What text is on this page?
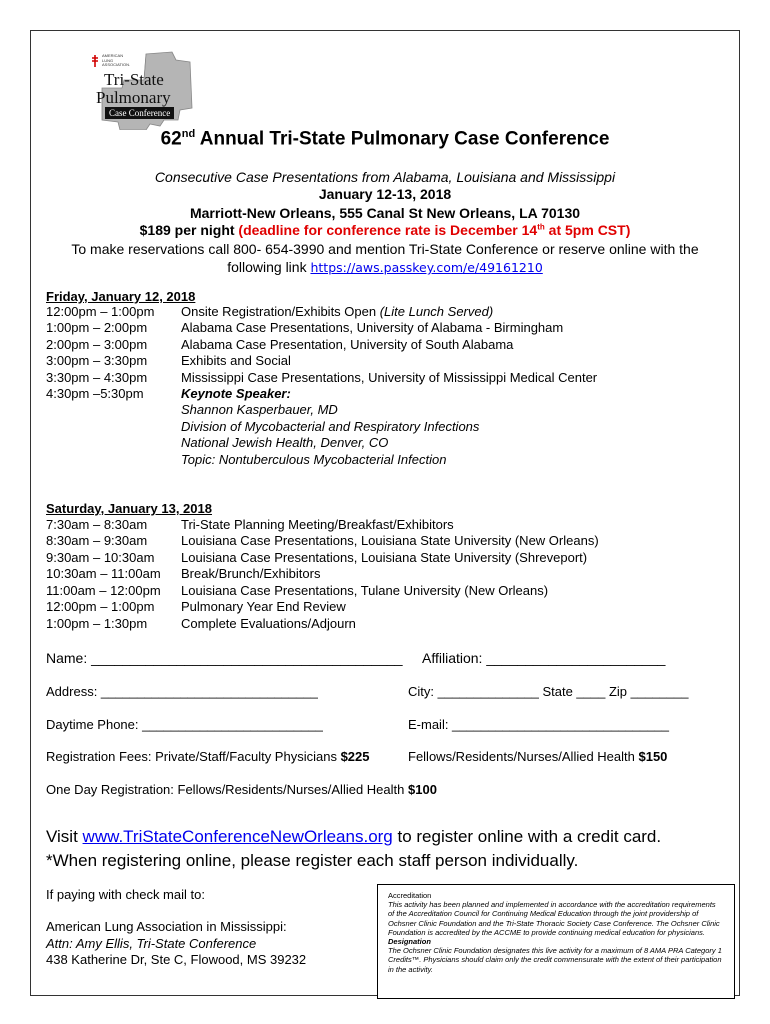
AMERICAN
LUNG
ASSOCIATION.
Tri-State
Pulmonary
Case Conference
62nd Annual Tri-State Pulmonary Case Conference
Consecutive Case Presentations from Alabama, Louisiana and Mississippi
January 12-13, 2018
Marriott-New Orleans, 555 Canal St New Orleans, LA 70130
$189 per night (deadline for conference rate is December 14th at 5pm CST)
To make reservations call 800- 654-3990 and mention Tri-State Conference or reserve online with the
following link https://aws.passkey.com/e/49161210
Friday, January 12, 2018
12:00pm – 1:00pm Onsite Registration/Exhibits Open (Lite Lunch Served)
1:00pm – 2:00pm	Alabama Case Presentations, University of Alabama - Birmingham
2:00pm – 3:00pm	Alabama Case Presentation, University of South Alabama
3:00pm – 3:30pm	Exhibits and Social
3:30pm – 4:30pm	Mississippi Case Presentations, University of Mississippi Medical Center
4:30pm –5:30pm	Keynote Speaker:
Shannon Kasperbauer, MD
Division of Mycobacterial and Respiratory Infections
National Jewish Health, Denver, CO
Topic: Nontuberculous Mycobacterial Infection
Saturday, January 13, 2018
7:30am – 8:30am	Tri-State Planning Meeting/Breakfast/Exhibitors
8:30am – 9:30am	Louisiana Case Presentations, Louisiana State University (New Orleans)
9:30am – 10:30am Louisiana Case Presentations, Louisiana State University (Shreveport)
10:30am – 11:00am Break/Brunch/Exhibitors
11:00am – 12:00pm Louisiana Case Presentations, Tulane University (New Orleans)
12:00pm – 1:00pm Pulmonary Year End Review
1:00pm – 1:30pm	Complete Evaluations/Adjourn
Name: ________________________________________ Affiliation: _______________________
Address: ______________________________	City: ______________ State ____ Zip ________
Daytime Phone: _________________________	E-mail: ______________________________
Registration Fees: Private/Staff/Faculty Physicians $225	Fellows/Residents/Nurses/Allied Health $150
One Day Registration: Fellows/Residents/Nurses/Allied Health $100
Visit www.TriStateConferenceNewOrleans.org to register online with a credit card.
*When registering online, please register each staff person individually.
If paying with check mail to:
American Lung Association in Mississippi:
Attn: Amy Ellis, Tri-State Conference
438 Katherine Dr, Ste C, Flowood, MS 39232
Accreditation
This activity has been planned and implemented in accordance with the accreditation requirements of the Accreditation Council for Continuing Medical Education through the joint providership of Ochsner Clinic Foundation and the Tri-State Thoracic Society Case Conference. The Ochsner Clinic Foundation is accredited by the ACCME to provide continuing medical education for physicians.
Designation
The Ochsner Clinic Foundation designates this live activity for a maximum of 8 AMA PRA Category 1 Credits™. Physicians should claim only the credit commensurate with the extent of their participation in the activity.
